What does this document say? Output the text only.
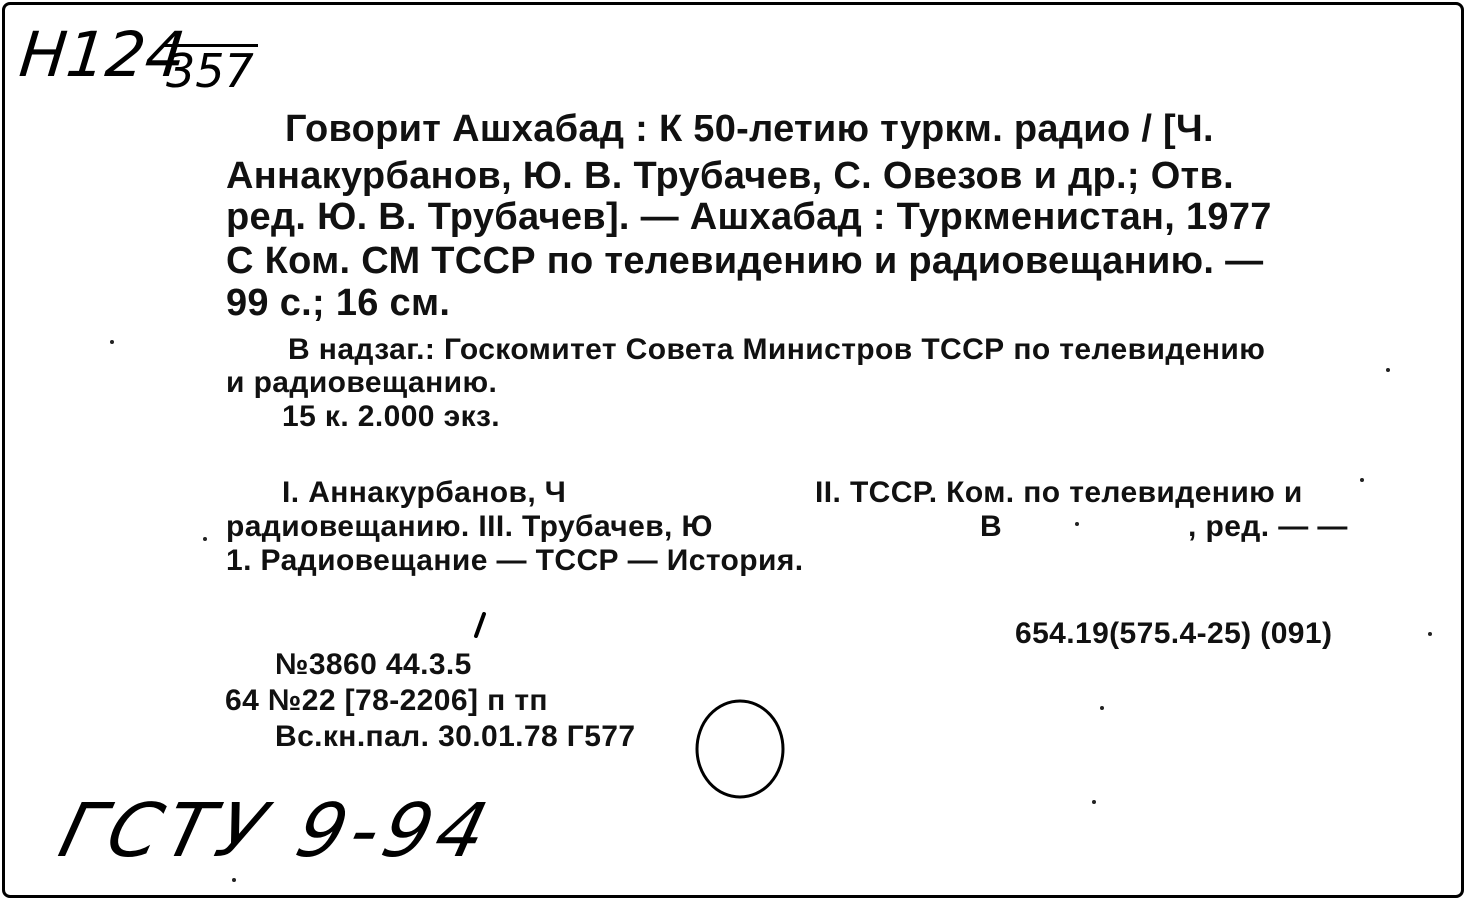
Н124
357
Говорит Ашхабад : К 50-летию туркм. радио / [Ч.
Аннакурбанов, Ю. В. Трубачев, С. Овезов и др.; Отв.
ред. Ю. В. Трубачев]. — Ашхабад : Туркменистан, 1977
С Ком. СМ ТССР по телевидению и радиовещанию. —
99 с.; 16 см.
В надзаг.: Госкомитет Совета Министров ТССР по телевидению
и радиовещанию.
15 к. 2.000 экз.
I. Аннакурбанов, Ч	II. ТССР. Ком. по телевидению и
радиовещанию. III. Трубачев, Ю	В	, ред. — —
1. Радиовещание — ТССР — История.
654.19(575.4-25) (091)
№3860 44.3.5
64 №22 [78-2206] п тп
Вс.кн.пал. 30.01.78 Г577
ГСТУ 9-94
